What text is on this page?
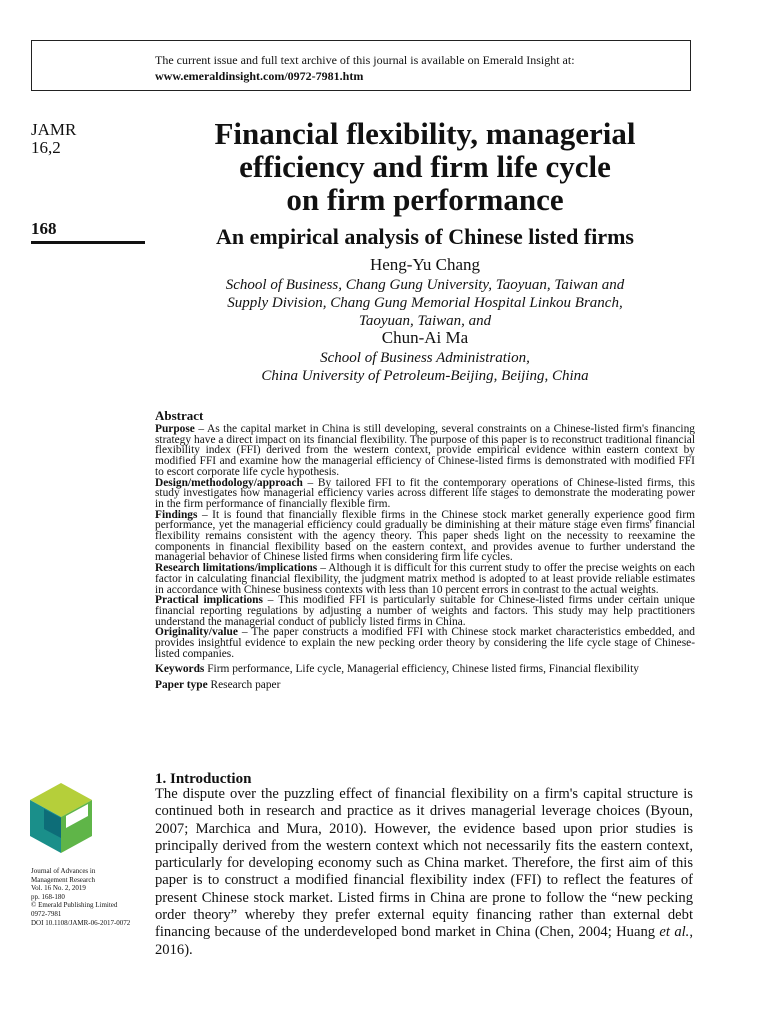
The current issue and full text archive of this journal is available on Emerald Insight at:
www.emeraldinsight.com/0972-7981.htm
JAMR
16,2
168
Financial flexibility, managerial
efficiency and firm life cycle
on firm performance
An empirical analysis of Chinese listed firms
Heng-Yu Chang
School of Business, Chang Gung University, Taoyuan, Taiwan and
Supply Division, Chang Gung Memorial Hospital Linkou Branch,
Taoyuan, Taiwan, and
Chun-Ai Ma
School of Business Administration,
China University of Petroleum-Beijing, Beijing, China
Abstract

Purpose – As the capital market in China is still developing, several constraints on a Chinese-listed firm's financing strategy have a direct impact on its financial flexibility. The purpose of this paper is to reconstruct traditional financial flexibility index (FFI) derived from the western context, provide empirical evidence within eastern context by modified FFI and examine how the managerial efficiency of Chinese-listed firms is demonstrated with modified FFI to escort corporate life cycle hypothesis.

Design/methodology/approach – By tailored FFI to fit the contemporary operations of Chinese-listed firms, this study investigates how managerial efficiency varies across different life stages to demonstrate the moderating power in the firm performance of financially flexible firm.

Findings – It is found that financially flexible firms in the Chinese stock market generally experience good firm performance, yet the managerial efficiency could gradually be diminishing at their mature stage even firms' financial flexibility remains consistent with the agency theory. This paper sheds light on the necessity to reexamine the components in financial flexibility based on the eastern context, and provides avenue to further understand the managerial behavior of Chinese listed firms when considering firm life cycles.

Research limitations/implications – Although it is difficult for this current study to offer the precise weights on each factor in calculating financial flexibility, the judgment matrix method is adopted to at least provide reliable estimates in accordance with Chinese business contexts with less than 10 percent errors in contrast to the actual weights.

Practical implications – This modified FFI is particularly suitable for Chinese-listed firms under certain unique financial reporting regulations by adjusting a number of weights and factors. This study may help practitioners understand the managerial conduct of publicly listed firms in China.

Originality/value – The paper constructs a modified FFI with Chinese stock market characteristics embedded, and provides insightful evidence to explain the new pecking order theory by considering the life cycle stage of Chinese-listed companies.

Keywords Firm performance, Life cycle, Managerial efficiency, Chinese listed firms, Financial flexibility

Paper type Research paper

1. Introduction
The dispute over the puzzling effect of financial flexibility on a firm's capital structure is continued both in research and practice as it drives managerial leverage choices (Byoun, 2007; Marchica and Mura, 2010). However, the evidence based upon prior studies is principally derived from the western context which not necessarily fits the eastern context, particularly for developing economy such as China market. Therefore, the first aim of this paper is to construct a modified financial flexibility index (FFI) to reflect the features of present Chinese stock market. Listed firms in China are prone to follow the “new pecking order theory” whereby they prefer external equity financing rather than external debt financing because of the underdeveloped bond market in China (Chen, 2004; Huang et al., 2016).
Journal of Advances in
Management Research
Vol. 16 No. 2, 2019
pp. 168-180
© Emerald Publishing Limited
0972-7981
DOI 10.1108/JAMR-06-2017-0072
